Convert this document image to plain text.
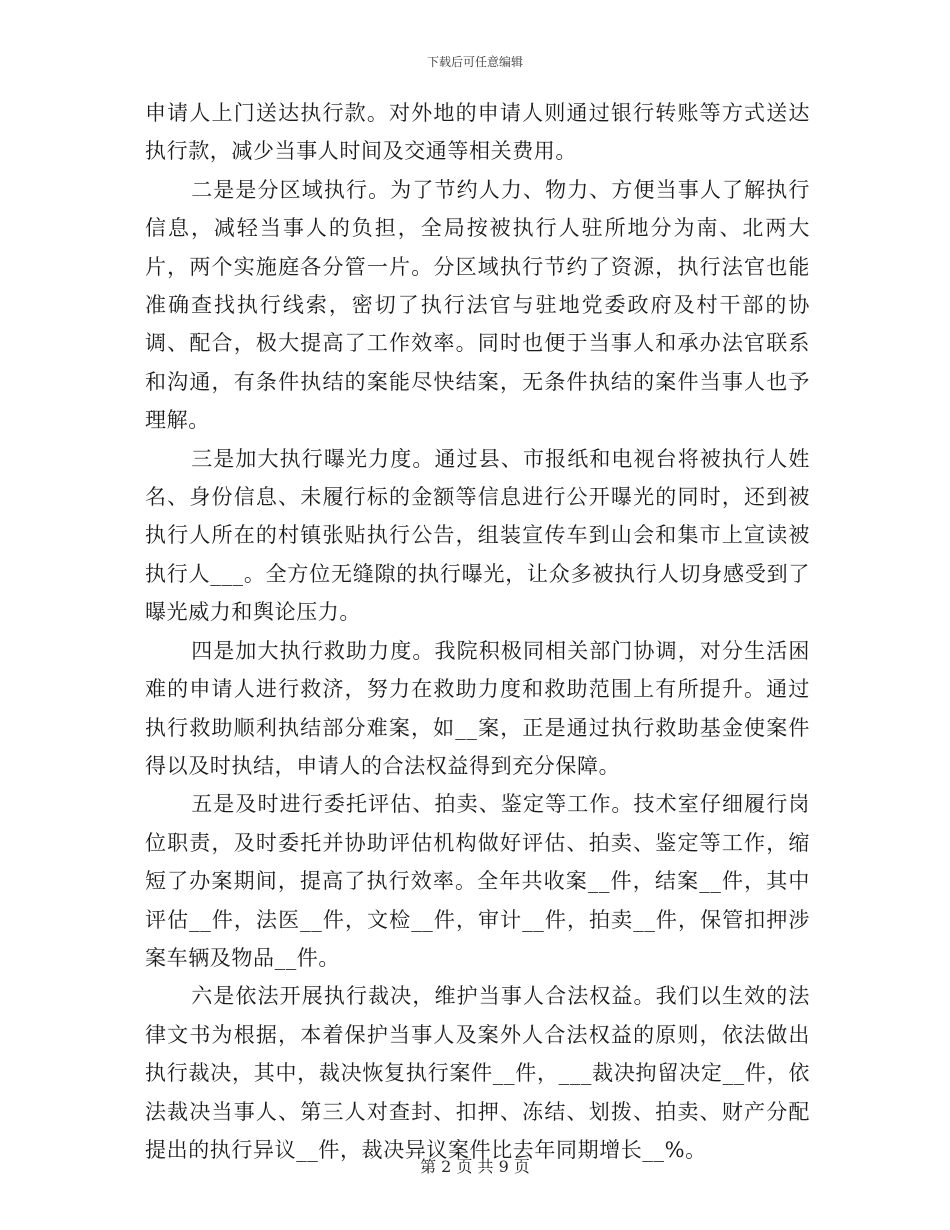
下载后可任意编辑

申请人上门送达执行款。对外地的申请人则通过银行转账等方式送达执行款，减少当事人时间及交通等相关费用。

二是是分区域执行。为了节约人力、物力、方便当事人了解执行信息，减轻当事人的负担，全局按被执行人驻所地分为南、北两大片，两个实施庭各分管一片。分区域执行节约了资源，执行法官也能准确查找执行线索，密切了执行法官与驻地党委政府及村干部的协调、配合，极大提高了工作效率。同时也便于当事人和承办法官联系和沟通，有条件执结的案能尽快结案，无条件执结的案件当事人也予理解。

三是加大执行曝光力度。通过县、市报纸和电视台将被执行人姓名、身份信息、未履行标的金额等信息进行公开曝光的同时，还到被执行人所在的村镇张贴执行公告，组装宣传车到山会和集市上宣读被执行人___。全方位无缝隙的执行曝光，让众多被执行人切身感受到了曝光威力和舆论压力。

四是加大执行救助力度。我院积极同相关部门协调，对分生活困难的申请人进行救济，努力在救助力度和救助范围上有所提升。通过执行救助顺利执结部分难案，如__案，正是通过执行救助基金使案件得以及时执结，申请人的合法权益得到充分保障。

五是及时进行委托评估、拍卖、鉴定等工作。技术室仔细履行岗位职责，及时委托并协助评估机构做好评估、拍卖、鉴定等工作，缩短了办案期间，提高了执行效率。全年共收案__件，结案__件，其中评估__件，法医__件，文检__件，审计__件，拍卖__件，保管扣押涉案车辆及物品__件。

六是依法开展执行裁决，维护当事人合法权益。我们以生效的法律文书为根据，本着保护当事人及案外人合法权益的原则，依法做出执行裁决，其中，裁决恢复执行案件__件，___裁决拘留决定__件，依法裁决当事人、第三人对查封、扣押、冻结、划拨、拍卖、财产分配提出的执行异议__件，裁决异议案件比去年同期增长__%。

第 2 页 共 9 页
